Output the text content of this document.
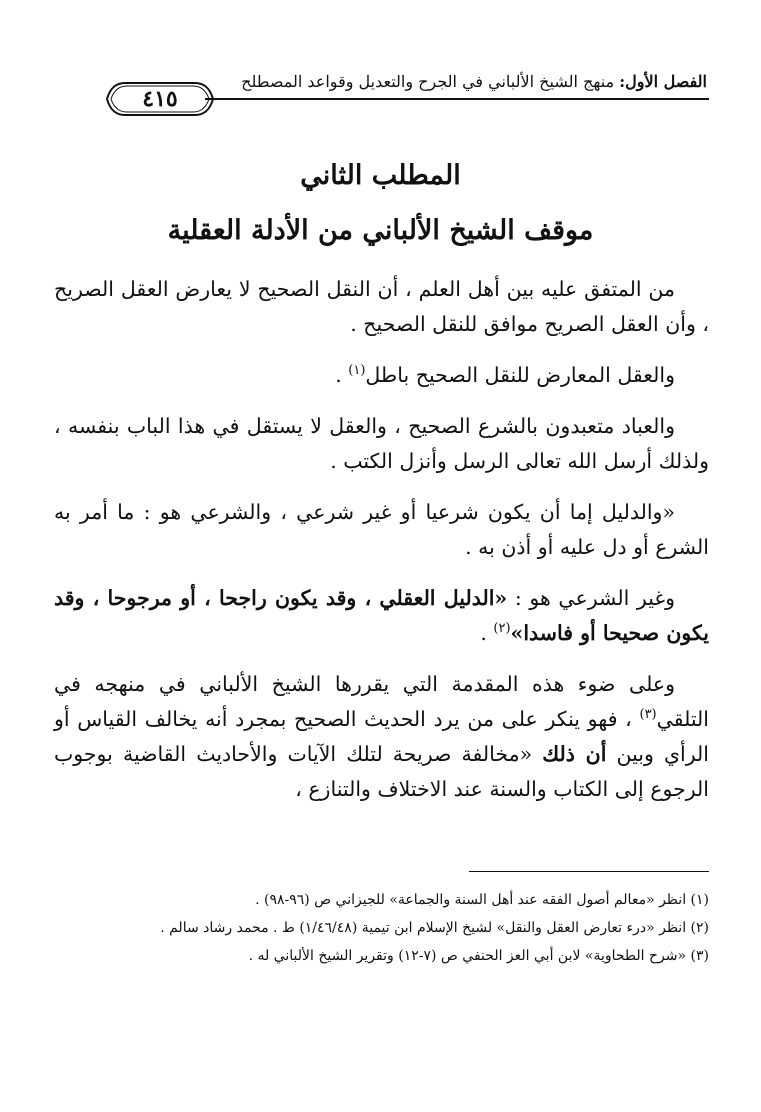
الفصل الأول: منهج الشيخ الألباني في الجرح والتعديل وقواعد المصطلح
٤١٥
المطلب الثاني
موقف الشيخ الألباني من الأدلة العقلية

من المتفق عليه بين أهل العلم ، أن النقل الصحيح لا يعارض العقل الصريح ، وأن العقل الصريح موافق للنقل الصحيح .

والعقل المعارض للنقل الصحيح باطل$^{(١)}$ .

والعباد متعبدون بالشرع الصحيح ، والعقل لا يستقل في هذا الباب بنفسه ، ولذلك أرسل الله تعالى الرسل وأنزل الكتب .

«والدليل إما أن يكون شرعيا أو غير شرعي ، والشرعي هو : ما أمر به الشرع أو دل عليه أو أذن به .

وغير الشرعي هو : «الدليل العقلي ، وقد يكون راجحا ، أو مرجوحا ، وقد يكون صحيحا أو فاسدا»$^{(٢)}$ .

وعلى ضوء هذه المقدمة التي يقررها الشيخ الألباني في منهجه في التلقي$^{(٣)}$ ، فهو ينكر على من يرد الحديث الصحيح بمجرد أنه يخالف القياس أو الرأي وبين أن ذلك «مخالفة صريحة لتلك الآيات والأحاديث القاضية بوجوب الرجوع إلى الكتاب والسنة عند الاختلاف والتنازع ،

(١) انظر «معالم أصول الفقه عند أهل السنة والجماعة» للجيزاني ص (٩٦-٩٨) .
(٢) انظر «درء تعارض العقل والنقل» لشيخ الإسلام ابن تيمية (١/٤٦/٤٨) ط . محمد رشاد سالم .
(٣) «شرح الطحاوية» لابن أبي العز الحنفي ص (٧-١٢) وتقرير الشيخ الألباني له .
